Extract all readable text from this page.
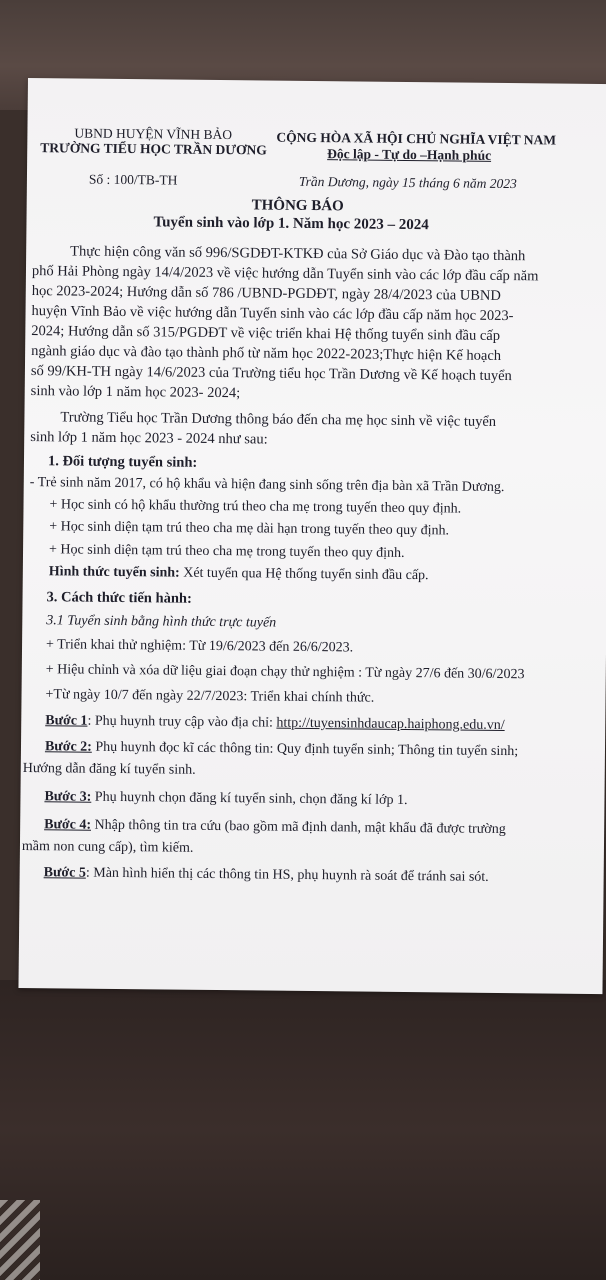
UBND HUYỆN VĨNH BẢO
TRƯỜNG TIỂU HỌC TRẦN DƯƠNG
CỘNG HÒA XÃ HỘI CHỦ NGHĨA VIỆT NAM
Độc lập - Tự do –Hạnh phúc
Số : 100/TB-TH	Trần Dương, ngày 15 tháng 6 năm 2023
THÔNG BÁO
Tuyển sinh vào lớp 1. Năm học 2023 – 2024
Thực hiện công văn số 996/SGDĐT-KTKĐ của Sở Giáo dục và Đào tạo thành
phố Hải Phòng ngày 14/4/2023 về việc hướng dẫn Tuyển sinh vào các lớp đầu cấp năm
học 2023-2024; Hướng dẫn số 786 /UBND-PGDĐT, ngày 28/4/2023 của UBND
huyện Vĩnh Bảo về việc hướng dẫn Tuyển sinh vào các lớp đầu cấp năm học 2023-
2024; Hướng dẫn số 315/PGDĐT về việc triển khai Hệ thống tuyển sinh đầu cấp
ngành giáo dục và đào tạo thành phố từ năm học 2022-2023;Thực hiện Kế hoạch
số 99/KH-TH ngày 14/6/2023 của Trường tiểu học Trần Dương về Kế hoạch tuyển
sinh vào lớp 1 năm học 2023- 2024;
Trường Tiểu học Trần Dương thông báo đến cha mẹ học sinh về việc tuyển
sinh lớp 1 năm học 2023 - 2024 như sau:
1. Đối tượng tuyển sinh:
- Trẻ sinh năm 2017, có hộ khẩu và hiện đang sinh sống trên địa bàn xã Trần Dương.
+ Học sinh có hộ khẩu thường trú theo cha mẹ trong tuyến theo quy định.
+ Học sinh diện tạm trú theo cha mẹ dài hạn trong tuyến theo quy định.
+ Học sinh diện tạm trú theo cha mẹ trong tuyến theo quy định.
Hình thức tuyển sinh: Xét tuyển qua Hệ thống tuyển sinh đầu cấp.
3. Cách thức tiến hành:
3.1 Tuyển sinh bằng hình thức trực tuyến
+ Triển khai thử nghiệm: Từ 19/6/2023 đến 26/6/2023.
+ Hiệu chỉnh và xóa dữ liệu giai đoạn chạy thử nghiệm : Từ ngày 27/6 đến 30/6/2023
+Từ ngày 10/7 đến ngày 22/7/2023: Triển khai chính thức.
Bước 1: Phụ huynh truy cập vào địa chỉ: http://tuyensinhdaucap.haiphong.edu.vn/
Bước 2: Phụ huynh đọc kĩ các thông tin: Quy định tuyển sinh; Thông tin tuyển sinh;
Hướng dẫn đăng kí tuyển sinh.
Bước 3: Phụ huynh chọn đăng kí tuyển sinh, chọn đăng kí lớp 1.
Bước 4: Nhập thông tin tra cứu (bao gồm mã định danh, mật khẩu đã được trường
mầm non cung cấp), tìm kiếm.
Bước 5: Màn hình hiển thị các thông tin HS, phụ huynh rà soát để tránh sai sót.
